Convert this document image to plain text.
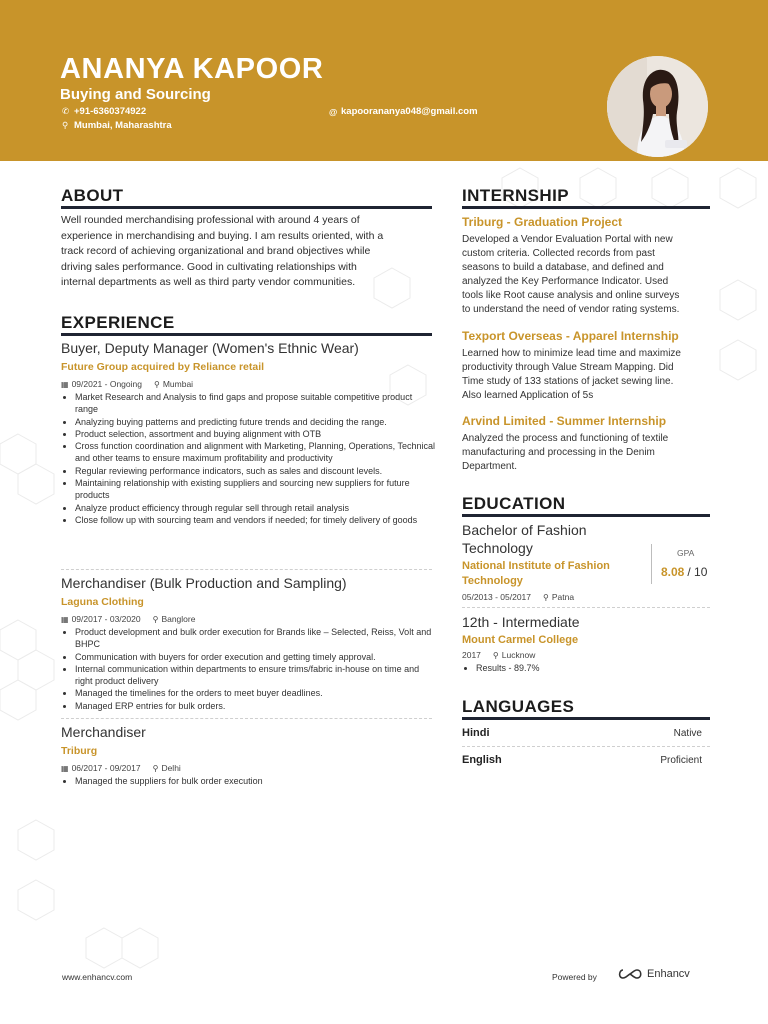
ANANYA KAPOOR
Buying and Sourcing
✆ +91-6360374922
⚲ Mumbai, Maharashtra
@ kapoorananya048@gmail.com
ABOUT
Well rounded merchandising professional with around 4 years of
experience in merchandising and buying. I am results oriented, with a
track record of achieving organizational and brand objectives while
driving sales performance. Good in cultivating relationships with
internal departments as well as third party vendor communities.
EXPERIENCE
Buyer, Deputy Manager (Women's Ethnic Wear)
Future Group acquired by Reliance retail
▦ 09/2021 - Ongoing ⚲ Mumbai
• Market Research and Analysis to find gaps and propose suitable competitive product range
• Analyzing buying patterns and predicting future trends and deciding the range.
• Product selection, assortment and buying alignment with OTB
• Cross function coordination and alignment with Marketing, Planning, Operations, Technical and other teams to ensure maximum profitability and productivity
• Regular reviewing performance indicators, such as sales and discount levels.
• Maintaining relationship with existing suppliers and sourcing new suppliers for future products
• Analyze product efficiency through regular sell through retail analysis
• Close follow up with sourcing team and vendors if needed; for timely delivery of goods
Merchandiser (Bulk Production and Sampling)
Laguna Clothing
▦ 09/2017 - 03/2020 ⚲ Banglore
• Product development and bulk order execution for Brands like – Selected, Reiss, Volt and BHPC
• Communication with buyers for order execution and getting timely approval.
• Internal communication within departments to ensure trims/fabric in-house on time and right product delivery
• Managed the timelines for the orders to meet buyer deadlines.
• Managed ERP entries for bulk orders.
Merchandiser
Triburg
▦ 06/2017 - 09/2017 ⚲ Delhi
• Managed the suppliers for bulk order execution
INTERNSHIP
Triburg - Graduation Project
Developed a Vendor Evaluation Portal with new
custom criteria. Collected records from past
seasons to build a database, and defined and
analyzed the Key Performance Indicator. Used
tools like Root cause analysis and online surveys
to understand the need of vendor rating systems.
Texport Overseas - Apparel Internship
Learned how to minimize lead time and maximize
productivity through Value Stream Mapping. Did
Time study of 133 stations of jacket sewing line.
Also learned Application of 5s
Arvind Limited - Summer Internship
Analyzed the process and functioning of textile
manufacturing and processing in the Denim
Department.
EDUCATION
Bachelor of Fashion
Technology
National Institute of Fashion
Technology
GPA
8.08 / 10
05/2013 - 05/2017 ⚲ Patna
12th - Intermediate
Mount Carmel College
2017 ⚲ Lucknow
• Results - 89.7%
LANGUAGES
Hindi	Native
English	Proficient
www.enhancv.com	Powered by	Enhancv
